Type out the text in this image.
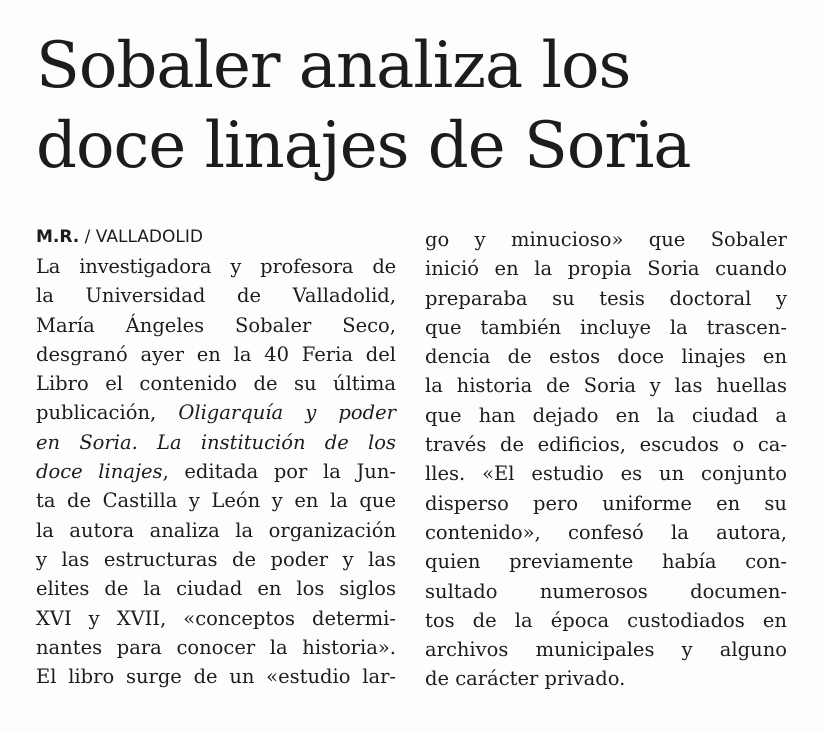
Sobaler analiza los
doce linajes de Soria
M.R. / VALLADOLID
La investigadora y profesora de
la Universidad de Valladolid,
María Ángeles Sobaler Seco,
desgranó ayer en la 40 Feria del
Libro el contenido de su última
publicación, Oligarquía y poder
en Soria. La institución de los
doce linajes, editada por la Jun-
ta de Castilla y León y en la que
la autora analiza la organización
y las estructuras de poder y las
elites de la ciudad en los siglos
XVI y XVII, «conceptos determi-
nantes para conocer la historia».
El libro surge de un «estudio lar-
go y minucioso» que Sobaler
inició en la propia Soria cuando
preparaba su tesis doctoral y
que también incluye la trascen-
dencia de estos doce linajes en
la historia de Soria y las huellas
que han dejado en la ciudad a
través de edificios, escudos o ca-
lles. «El estudio es un conjunto
disperso pero uniforme en su
contenido», confesó la autora,
quien previamente había con-
sultado numerosos documen-
tos de la época custodiados en
archivos municipales y alguno
de carácter privado.
